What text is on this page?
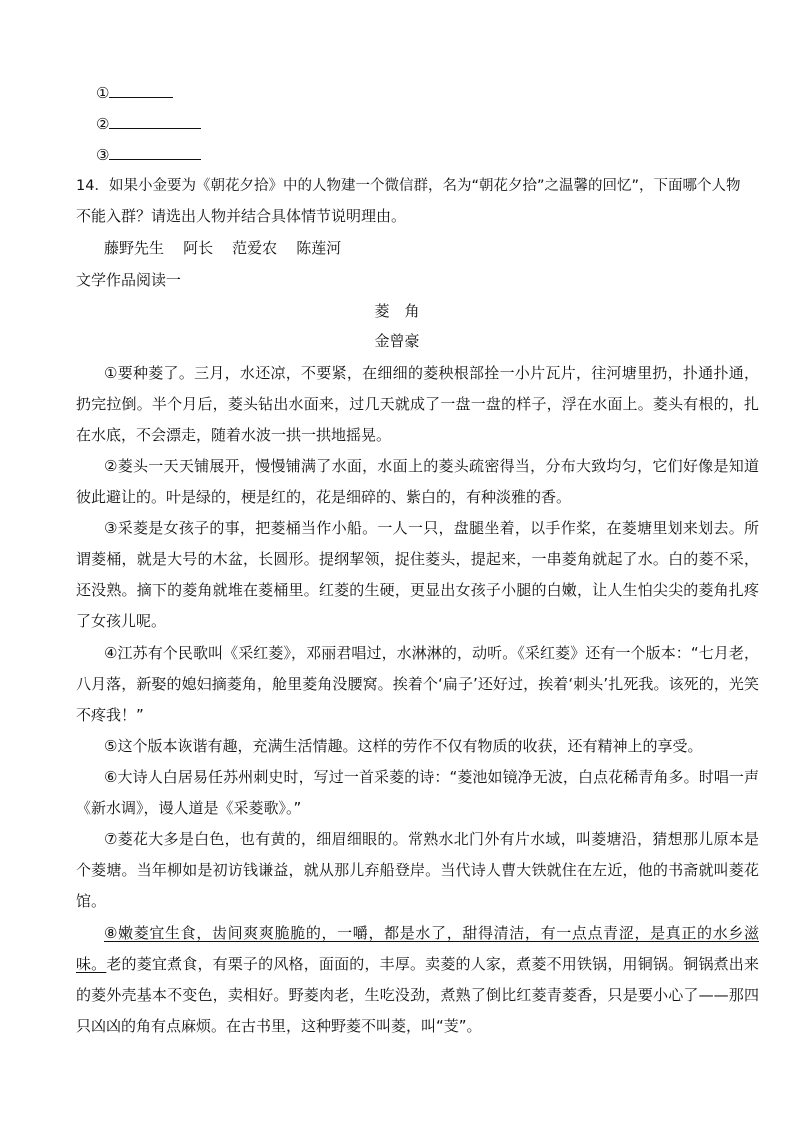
①
②
③
14．如果小金要为《朝花夕拾》中的人物建一个微信群，名为“朝花夕拾”之温馨的回忆”，下面哪个人物
不能入群？请选出人物并结合具体情节说明理由。
藤野先生    阿长    范爱农    陈莲河
文学作品阅读一
菱　角
金曾豪
①要种菱了。三月，水还凉，不要紧，在细细的菱秧根部拴一小片瓦片，往河塘里扔，扑通扑通，
扔完拉倒。半个月后，菱头钻出水面来，过几天就成了一盘一盘的样子，浮在水面上。菱头有根的，扎
在水底，不会漂走，随着水波一拱一拱地摇晃。
②菱头一天天铺展开，慢慢铺满了水面，水面上的菱头疏密得当，分布大致均匀，它们好像是知道
彼此避让的。叶是绿的，梗是红的，花是细碎的、紫白的，有种淡雅的香。
③采菱是女孩子的事，把菱桶当作小船。一人一只，盘腿坐着，以手作桨，在菱塘里划来划去。所
谓菱桶，就是大号的木盆，长圆形。提纲挈领，捉住菱头，提起来，一串菱角就起了水。白的菱不采，
还没熟。摘下的菱角就堆在菱桶里。红菱的生硬，更显出女孩子小腿的白嫩，让人生怕尖尖的菱角扎疼
了女孩儿呢。
④江苏有个民歌叫《采红菱》，邓丽君唱过，水淋淋的，动听。《采红菱》还有一个版本：“七月老，
八月落，新娶的媳妇摘菱角，舱里菱角没腰窝。挨着个‘扁子’还好过，挨着‘刺头’扎死我。该死的，光笑
不疼我！”
⑤这个版本诙谐有趣，充满生活情趣。这样的劳作不仅有物质的收获，还有精神上的享受。
⑥大诗人白居易任苏州刺史时，写过一首采菱的诗：“菱池如镜净无波，白点花稀青角多。时唱一声
《新水调》，谩人道是《采菱歌》。”
⑦菱花大多是白色，也有黄的，细眉细眼的。常熟水北门外有片水域，叫菱塘沿，猜想那儿原本是
个菱塘。当年柳如是初访钱谦益，就从那儿弃船登岸。当代诗人曹大铁就住在左近，他的书斋就叫菱花
馆。
⑧嫩菱宜生食，齿间爽爽脆脆的，一嚼，都是水了，甜得清洁，有一点点青涩，是真正的水乡滋
味。老的菱宜煮食，有栗子的风格，面面的，丰厚。卖菱的人家，煮菱不用铁锅，用铜锅。铜锅煮出来
的菱外壳基本不变色，卖相好。野菱肉老，生吃没劲，煮熟了倒比红菱青菱香，只是要小心了——那四
只凶凶的角有点麻烦。在古书里，这种野菱不叫菱，叫“芰”。
